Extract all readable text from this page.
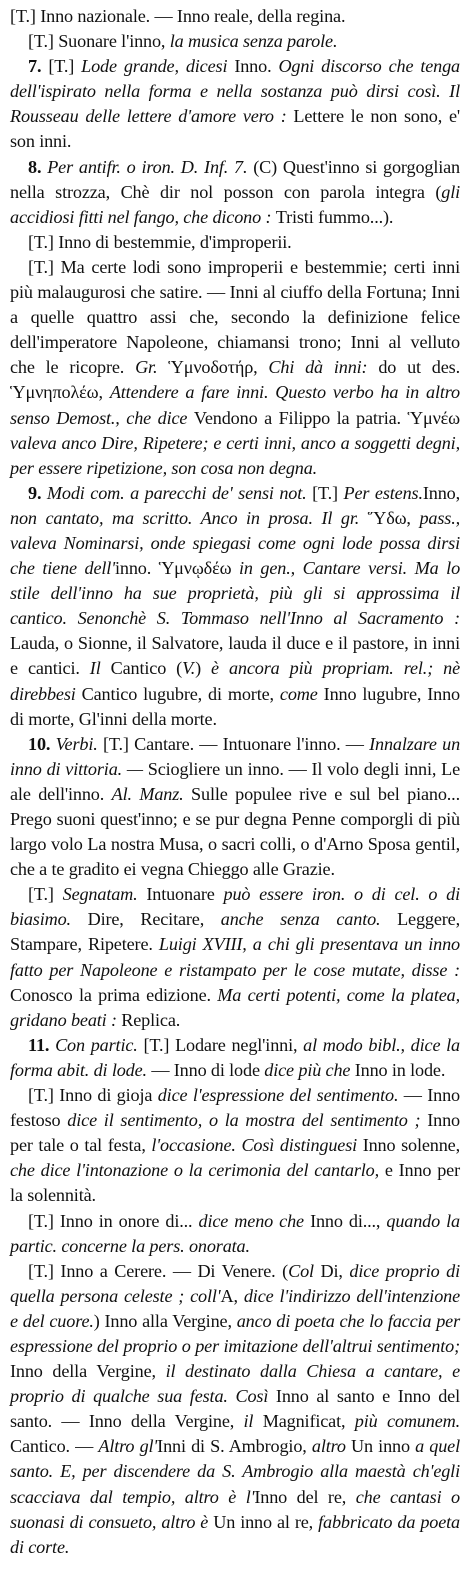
[T.] Inno nazionale. — Inno reale, della regina.

[T.] Suonare l'inno, la musica senza parole.

7. [T.] Lode grande, dicesi Inno. Ogni discorso che tenga dell'ispirato nella forma e nella sostanza può dirsi così. Il Rousseau delle lettere d'amore vero : Lettere le non sono, e' son inni.

8. Per antifr. o iron. D. Inf. 7. (C) Quest'inno si gorgoglian nella strozza, Chè dir nol posson con parola integra (gli accidiosi fitti nel fango, che dicono : Tristi fummo...).

[T.] Inno di bestemmie, d'improperii.

[T.] Ma certe lodi sono improperii e bestemmie; certi inni più malaugurosi che satire. — Inni al ciuffo della Fortuna; Inni a quelle quattro assi che, secondo la definizione felice dell'imperatore Napoleone, chiamansi trono; Inni al velluto che le ricopre. Gr. Ὑμνοδοτήρ, Chi dà inni: do ut des. Ὑμνηπολέω, Attendere a fare inni. Questo verbo ha in altro senso Demost., che dice Vendono a Filippo la patria. Ὑμνέω valeva anco Dire, Ripetere; e certi inni, anco a soggetti degni, per essere ripetizione, son cosa non degna.

9. Modi com. a parecchi de' sensi not. [T.] Per estens.Inno, non cantato, ma scritto. Anco in prosa. Il gr. Ὕδω, pass., valeva Nominarsi, onde spiegasi come ogni lode possa dirsi che tiene dell'inno. Ὑμνῳδέω in gen., Cantare versi. Ma lo stile dell'inno ha sue proprietà, più gli si approssima il cantico. Senonchè S. Tommaso nell'Inno al Sacramento : Lauda, o Sionne, il Salvatore, lauda il duce e il pastore, in inni e cantici. Il Cantico (V.) è ancora più propriam. rel.; nè direbbesi Cantico lugubre, di morte, come Inno lugubre, Inno di morte, Gl'inni della morte.

10. Verbi. [T.] Cantare. — Intuonare l'inno. — Innalzare un inno di vittoria. — Sciogliere un inno. — Il volo degli inni, Le ale dell'inno. Al. Manz. Sulle populee rive e sul bel piano... Prego suoni quest'inno; e se pur degna Penne comporgli di più largo volo La nostra Musa, o sacri colli, o d'Arno Sposa gentil, che a te gradito ei vegna Chieggo alle Grazie.

[T.] Segnatam. Intuonare può essere iron. o di cel. o di biasimo. Dire, Recitare, anche senza canto. Leggere, Stampare, Ripetere. Luigi XVIII, a chi gli presentava un inno fatto per Napoleone e ristampato per le cose mutate, disse : Conosco la prima edizione. Ma certi potenti, come la platea, gridano beati : Replica.

11. Con partic. [T.] Lodare negl'inni, al modo bibl., dice la forma abit. di lode. — Inno di lode dice più che Inno in lode.

[T.] Inno di gioja dice l'espressione del sentimento. — Inno festoso dice il sentimento, o la mostra del sentimento ; Inno per tale o tal festa, l'occasione. Così distinguesi Inno solenne, che dice l'intonazione o la cerimonia del cantarlo, e Inno per la solennità.

[T.] Inno in onore di... dice meno che Inno di..., quando la partic. concerne la pers. onorata.

[T.] Inno a Cerere. — Di Venere. (Col Di, dice proprio di quella persona celeste ; coll'A, dice l'indirizzo dell'intenzione e del cuore.) Inno alla Vergine, anco di poeta che lo faccia per espressione del proprio o per imitazione dell'altrui sentimento; Inno della Vergine, il destinato dalla Chiesa a cantare, e proprio di qualche sua festa. Così Inno al santo e Inno del santo. — Inno della Vergine, il Magnificat, più comunem. Cantico. — Altro gl'Inni di S. Ambrogio, altro Un inno a quel santo. E, per discendere da S. Ambrogio alla maestà ch'egli scacciava dal tempio, altro è l'Inno del re, che cantasi o suonasi di consueto, altro è Un inno al re, fabbricato da poeta di corte.
